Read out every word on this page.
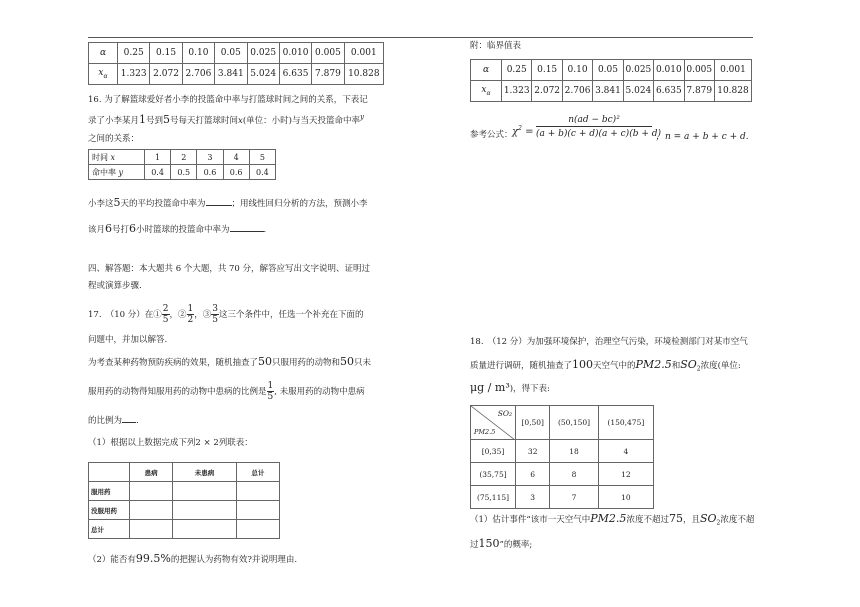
α	0.25	0.15	0.10	0.05	0.025	0.010	0.005	0.001
$x_\alpha$	1.323	2.072	2.706	3.841	5.024	6.635	7.879	10.828
16. 为了解篮球爱好者小李的投篮命中率与打篮球时间之间的关系，下表记
录了小李某月1号到5号每天打篮球时间x(单位：小时)与当天投篮命中率$^y$
之间的关系：
时间 x	1	2	3	4	5
命中率 y	0.4	0.5	0.6	0.6	0.4
小李这5天的平均投篮命中率为	；用线性回归分析的方法，预测小李
该月6号打6小时篮球的投篮命中率为	.
四、解答题：本大题共 6 个大题，共 70 分，解答应写出文字说明、证明过
程或演算步骤.
17.　（10 分）在① $\frac{2}{5}$ ，② $\frac{1}{2}$ ，③ $\frac{3}{5}$ 这三个条件中，任选一个补充在下面的
问题中，并加以解答.
为考查某种药物预防疾病的效果，随机抽查了50只服用药的动物和50只未
服用药的动物得知服用药的动物中患病的比例是 $\frac{1}{5}$ , 未服用药的动物中患病
的比例为 .
（1）根据以上数据完成下列2 × 2列联表：
	患病	未患病	总计
服用药			
没服用药			
总计			
（2）能否有99.5%的把握认为药物有效?并说明理由.
附：临界值表
α	0.25	0.15	0.10	0.05	0.025	0.010	0.005	0.001
$x_\alpha$	1.323	2.072	2.706	3.841	5.024	6.635	7.879	10.828
参考公式： $\chi^2 = \frac{\text{n(ad − bc)²}}{(a + b)(c + d)(a + c)(b + d)}$ ，n = a + b + c + d.
18.　（12 分）为加强环境保护，治理空气污染，环境检测部门对某市空气
质量进行调研，随机抽查了100天空气中的PM2.5和$SO_2$浓度(单位:
μg / m³)，得下表:
SO₂
PM2.5	[0,50]	(50,150]	(150,475]
[0,35]	32	18	4
(35,75]	6	8	12
(75,115]	3	7	10
（1）估计事件“该市一天空气中PM2.5浓度不超过75，且$SO_2$浓度不超
过150”的概率;
